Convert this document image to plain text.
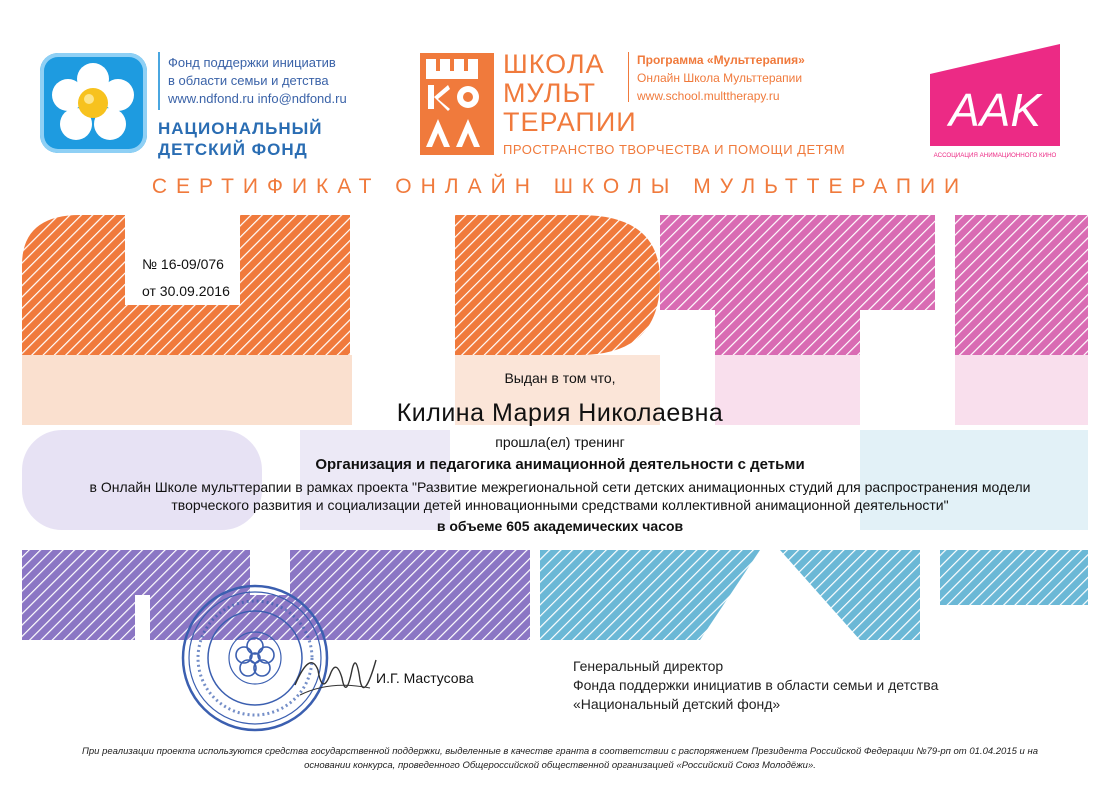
Фонд поддержки инициатив
в области семьи и детства
www.ndfond.ru info@ndfond.ru
НАЦИОНАЛЬНЫЙ
ДЕТСКИЙ ФОНД
ШКОЛА
МУЛЬТ
ТЕРАПИИ
Программа «Мульттерапия»
Онлайн Школа Мульттерапии
www.school.multtherapy.ru
ПРОСТРАНСТВО ТВОРЧЕСТВА И ПОМОЩИ ДЕТЯМ
AAK
АССОЦИАЦИЯ АНИМАЦИОННОГО КИНО
СЕРТИФИКАТ ОНЛАЙН ШКОЛЫ МУЛЬТТЕРАПИИ
№ 16-09/076
от 30.09.2016
Выдан в том что,
Килина Мария Николаевна
прошла(ел) тренинг
Организация и педагогика анимационной деятельности с детьми
в Онлайн Школе мульттерапии в рамках проекта "Развитие межрегиональной сети детских анимационных студий для распространения модели
творческого развития и социализации детей инновационными средствами коллективной анимационной деятельности"
в объеме 605 академических часов
И.Г. Мастусова
Генеральный директор
Фонда поддержки инициатив в области семьи и детства
«Национальный детский фонд»
При реализации проекта используются средства государственной поддержки, выделенные в качестве гранта в соответствии с распоряжением Президента Российской Федерации №79-рп от 01.04.2015 и на
основании конкурса, проведенного Общероссийской общественной организацией «Российский Союз Молодёжи».
